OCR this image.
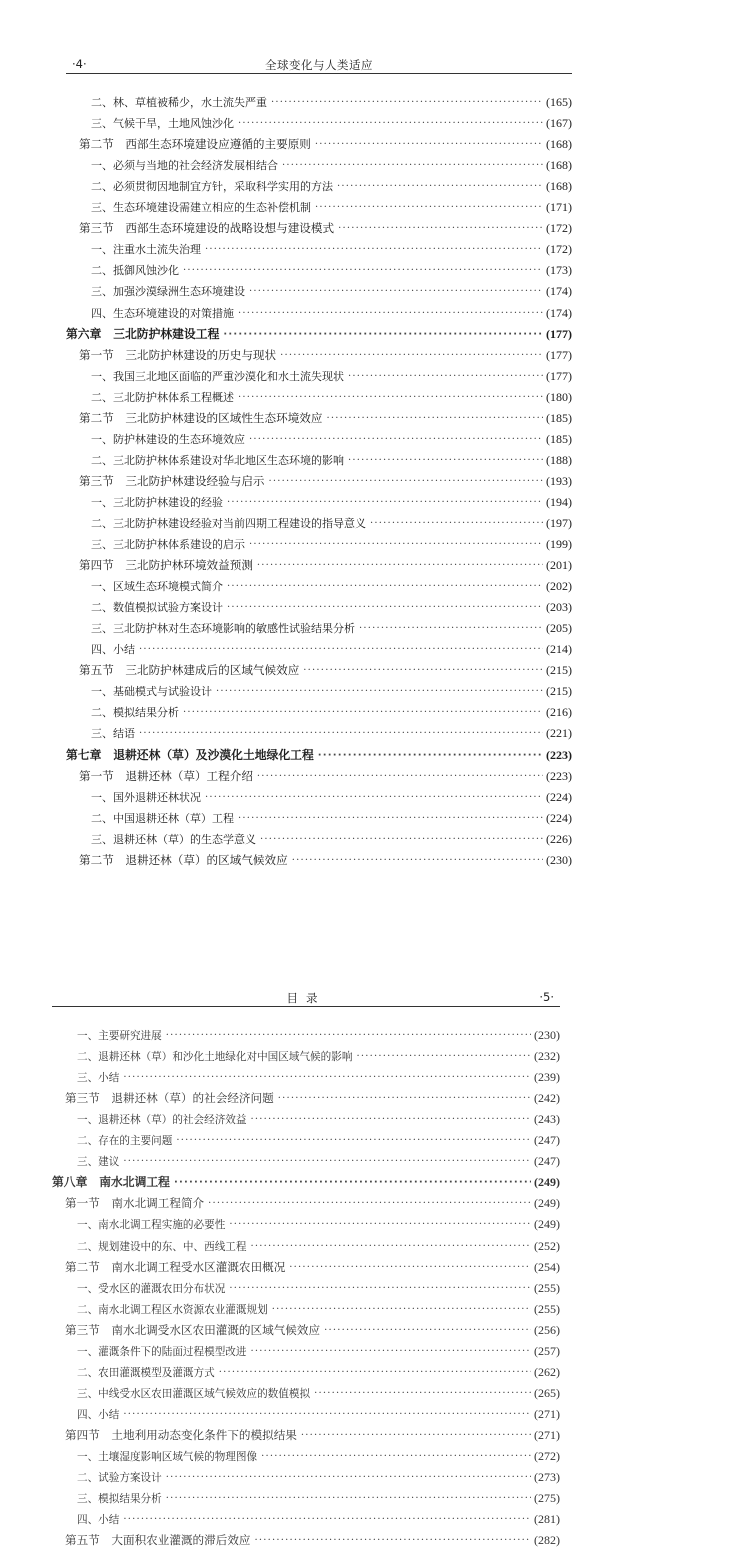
·4·	全球变化与人类适应
二、林、草植被稀少，水土流失严重 ·····	(165)
三、气候干旱，土地风蚀沙化 ·····	(167)
第二节　西部生态环境建设应遵循的主要原则 ·····	(168)
一、必须与当地的社会经济发展相结合 ·····	(168)
二、必须贯彻因地制宜方针，采取科学实用的方法 ·····	(168)
三、生态环境建设需建立相应的生态补偿机制 ·····	(171)
第三节　西部生态环境建设的战略设想与建设模式 ·····	(172)
一、注重水土流失治理 ·····	(172)
二、抵御风蚀沙化 ·····	(173)
三、加强沙漠绿洲生态环境建设 ·····	(174)
四、生态环境建设的对策措施 ·····	(174)
第六章　三北防护林建设工程 ·····	(177)
第一节　三北防护林建设的历史与现状 ·····	(177)
一、我国三北地区面临的严重沙漠化和水土流失现状 ·····	(177)
二、三北防护林体系工程概述 ·····	(180)
第二节　三北防护林建设的区域性生态环境效应 ·····	(185)
一、防护林建设的生态环境效应 ·····	(185)
二、三北防护林体系建设对华北地区生态环境的影响 ·····	(188)
第三节　三北防护林建设经验与启示 ·····	(193)
一、三北防护林建设的经验 ·····	(194)
二、三北防护林建设经验对当前四期工程建设的指导意义 ·····	(197)
三、三北防护林体系建设的启示 ·····	(199)
第四节　三北防护林环境效益预测 ·····	(201)
一、区域生态环境模式简介 ·····	(202)
二、数值模拟试验方案设计 ·····	(203)
三、三北防护林对生态环境影响的敏感性试验结果分析 ·····	(205)
四、小结 ·····	(214)
第五节　三北防护林建成后的区域气候效应 ·····	(215)
一、基础模式与试验设计 ·····	(215)
二、模拟结果分析 ·····	(216)
三、结语 ·····	(221)
第七章　退耕还林（草）及沙漠化土地绿化工程 ·····	(223)
第一节　退耕还林（草）工程介绍 ·····	(223)
一、国外退耕还林状况 ·····	(224)
二、中国退耕还林（草）工程 ·····	(224)
三、退耕还林（草）的生态学意义 ·····	(226)
第二节　退耕还林（草）的区域气候效应 ·····	(230)
目录	·5·
一、主要研究进展 ·····	(230)
二、退耕还林（草）和沙化土地绿化对中国区域气候的影响 ·····	(232)
三、小结 ·····	(239)
第三节　退耕还林（草）的社会经济问题 ·····	(242)
一、退耕还林（草）的社会经济效益 ·····	(243)
二、存在的主要问题 ·····	(247)
三、建议 ·····	(247)
第八章　南水北调工程 ·····	(249)
第一节　南水北调工程简介 ·····	(249)
一、南水北调工程实施的必要性 ·····	(249)
二、规划建设中的东、中、西线工程 ·····	(252)
第二节　南水北调工程受水区灌溉农田概况 ·····	(254)
一、受水区的灌溉农田分布状况 ·····	(255)
二、南水北调工程区水资源农业灌溉规划 ·····	(255)
第三节　南水北调受水区农田灌溉的区域气候效应 ·····	(256)
一、灌溉条件下的陆面过程模型改进 ·····	(257)
二、农田灌溉模型及灌溉方式 ·····	(262)
三、中线受水区农田灌溉区域气候效应的数值模拟 ·····	(265)
四、小结 ·····	(271)
第四节　土地利用动态变化条件下的模拟结果 ·····	(271)
一、土壤湿度影响区域气候的物理图像 ·····	(272)
二、试验方案设计 ·····	(273)
三、模拟结果分析 ·····	(275)
四、小结 ·····	(281)
第五节　大面积农业灌溉的滞后效应 ·····	(282)
